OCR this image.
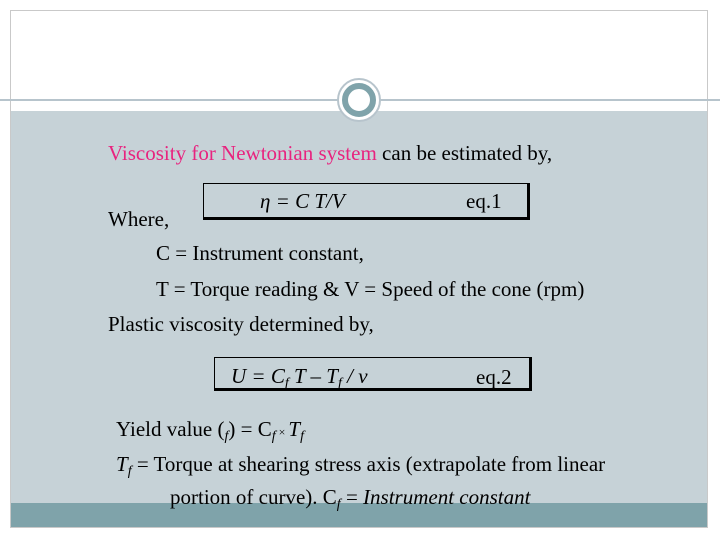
Viscosity for Newtonian system can be estimated by,
η = C T/V	eq.1
Where,
C = Instrument constant,
T = Torque reading & V = Speed of the cone (rpm)
Plastic viscosity determined by,
U = Cf T – Tf / ν	eq.2
Yield value (f) = Cf × Tf
Tf = Torque at shearing stress axis (extrapolate from linear
portion of curve). Cf = Instrument constant
